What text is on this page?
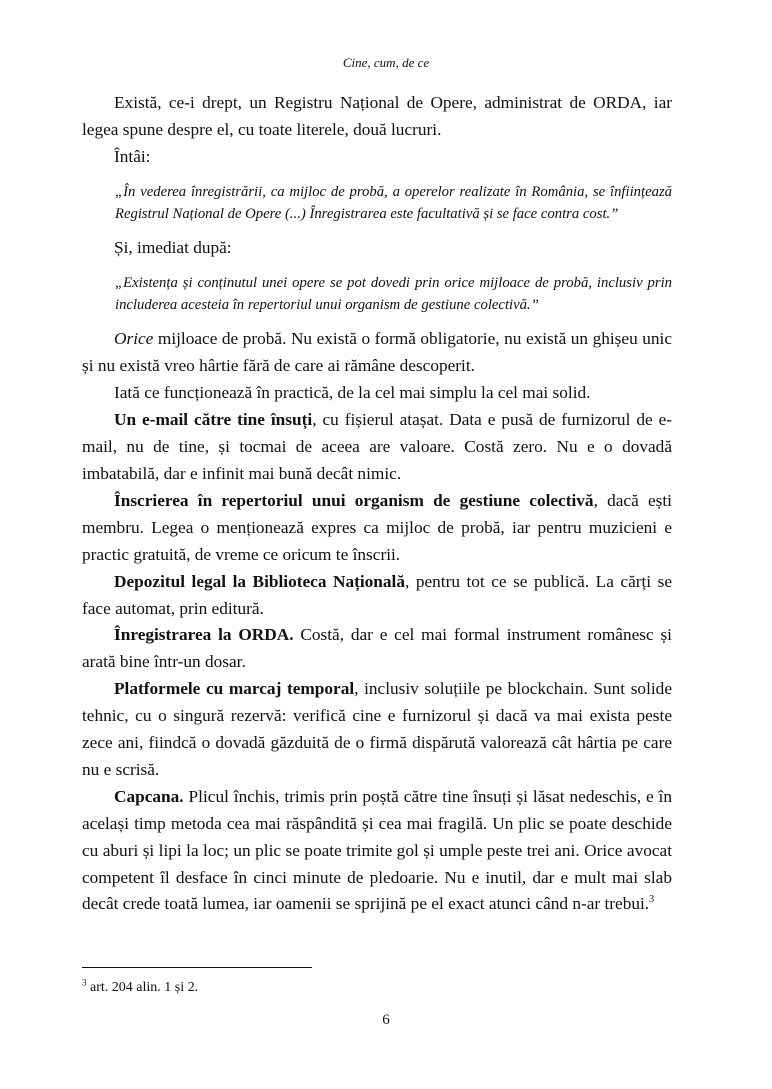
Cine, cum, de ce

Există, ce-i drept, un Registru Național de Opere, administrat de ORDA, iar legea spune despre el, cu toate literele, două lucruri.

Întâi:

„În vederea înregistrării, ca mijloc de probă, a operelor realizate în România, se înființează Registrul Național de Opere (...) Înregistrarea este facultativă și se face contra cost.”

Și, imediat după:

„Existența și conținutul unei opere se pot dovedi prin orice mijloace de probă, inclusiv prin includerea acesteia în repertoriul unui organism de gestiune colectivă.”

Orice mijloace de probă. Nu există o formă obligatorie, nu există un ghișeu unic și nu există vreo hârtie fără de care ai rămâne descoperit.

Iată ce funcționează în practică, de la cel mai simplu la cel mai solid.

Un e-mail către tine însuți, cu fișierul atașat. Data e pusă de furnizorul de e-mail, nu de tine, și tocmai de aceea are valoare. Costă zero. Nu e o dovadă imbatabilă, dar e infinit mai bună decât nimic.

Înscrierea în repertoriul unui organism de gestiune colectivă, dacă ești membru. Legea o menționează expres ca mijloc de probă, iar pentru muzicieni e practic gratuită, de vreme ce oricum te înscrii.

Depozitul legal la Biblioteca Națională, pentru tot ce se publică. La cărți se face automat, prin editură.

Înregistrarea la ORDA. Costă, dar e cel mai formal instrument românesc și arată bine într-un dosar.

Platformele cu marcaj temporal, inclusiv soluțiile pe blockchain. Sunt solide tehnic, cu o singură rezervă: verifică cine e furnizorul și dacă va mai exista peste zece ani, fiindcă o dovadă găzduită de o firmă dispărută valorează cât hârtia pe care nu e scrisă.

Capcana. Plicul închis, trimis prin poștă către tine însuți și lăsat nedeschis, e în același timp metoda cea mai răspândită și cea mai fragilă. Un plic se poate deschide cu aburi și lipi la loc; un plic se poate trimite gol și umple peste trei ani. Orice avocat competent îl desface în cinci minute de pledoarie. Nu e inutil, dar e mult mai slab decât crede toată lumea, iar oamenii se sprijină pe el exact atunci când n-ar trebui.$^3$

$^3$ art. 204 alin. 1 și 2.
6
